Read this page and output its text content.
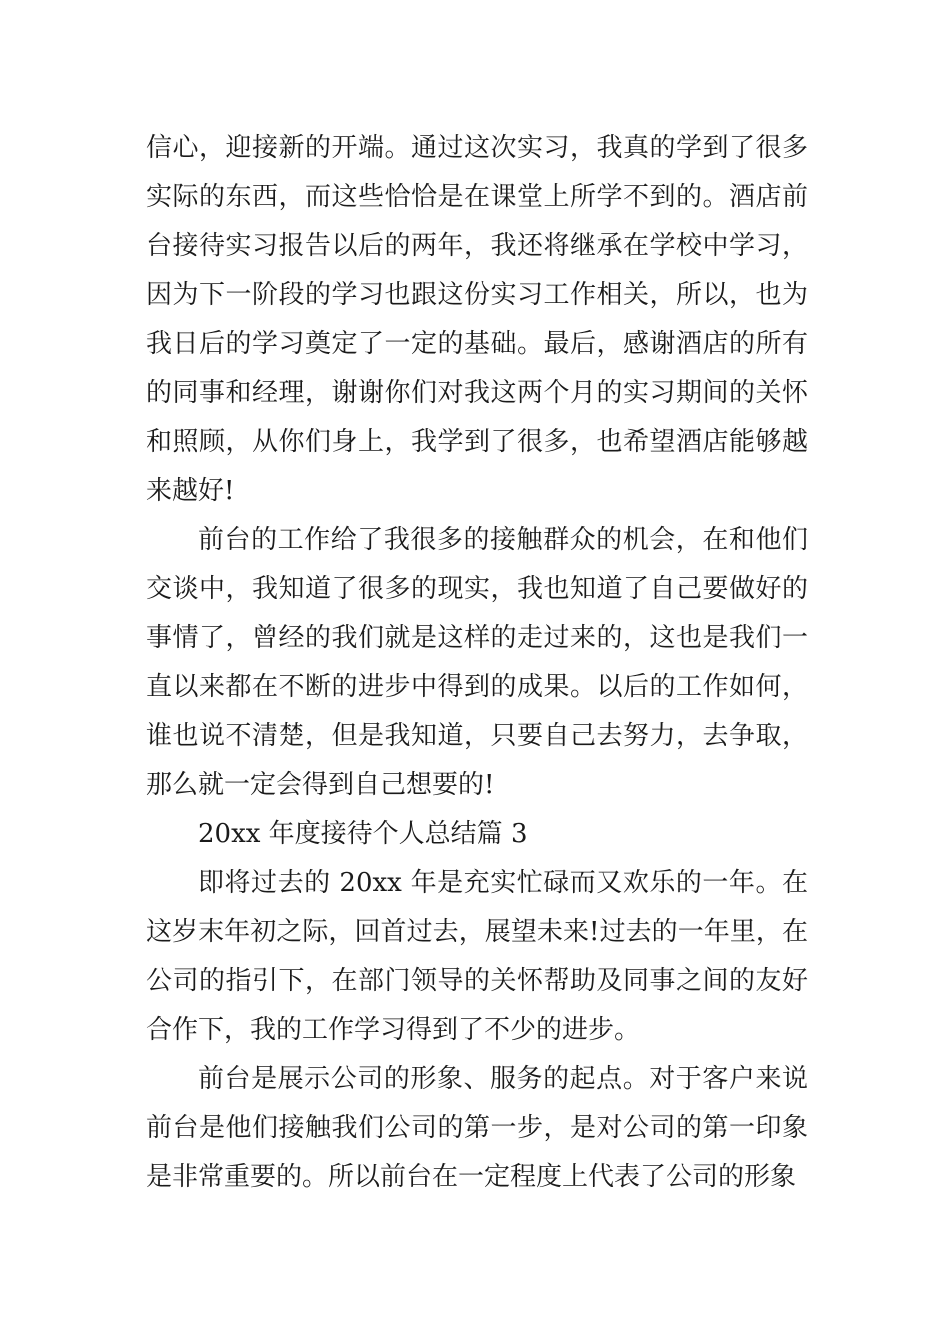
信心，迎接新的开端。通过这次实习，我真的学到了很多实际的东西，而这些恰恰是在课堂上所学不到的。酒店前台接待实习报告以后的两年，我还将继承在学校中学习，因为下一阶段的学习也跟这份实习工作相关，所以，也为我日后的学习奠定了一定的基础。最后，感谢酒店的所有的同事和经理，谢谢你们对我这两个月的实习期间的关怀和照顾，从你们身上，我学到了很多，也希望酒店能够越来越好!

前台的工作给了我很多的接触群众的机会，在和他们交谈中，我知道了很多的现实，我也知道了自己要做好的事情了，曾经的我们就是这样的走过来的，这也是我们一直以来都在不断的进步中得到的成果。以后的工作如何，谁也说不清楚，但是我知道，只要自己去努力，去争取，那么就一定会得到自己想要的!

20xx 年度接待个人总结篇 3

即将过去的 20xx 年是充实忙碌而又欢乐的一年。在这岁末年初之际，回首过去，展望未来!过去的一年里，在公司的指引下，在部门领导的关怀帮助及同事之间的友好合作下，我的工作学习得到了不少的进步。

前台是展示公司的形象、服务的起点。对于客户来说前台是他们接触我们公司的第一步，是对公司的第一印象是非常重要的。所以前台在一定程度上代表了公司的形象
